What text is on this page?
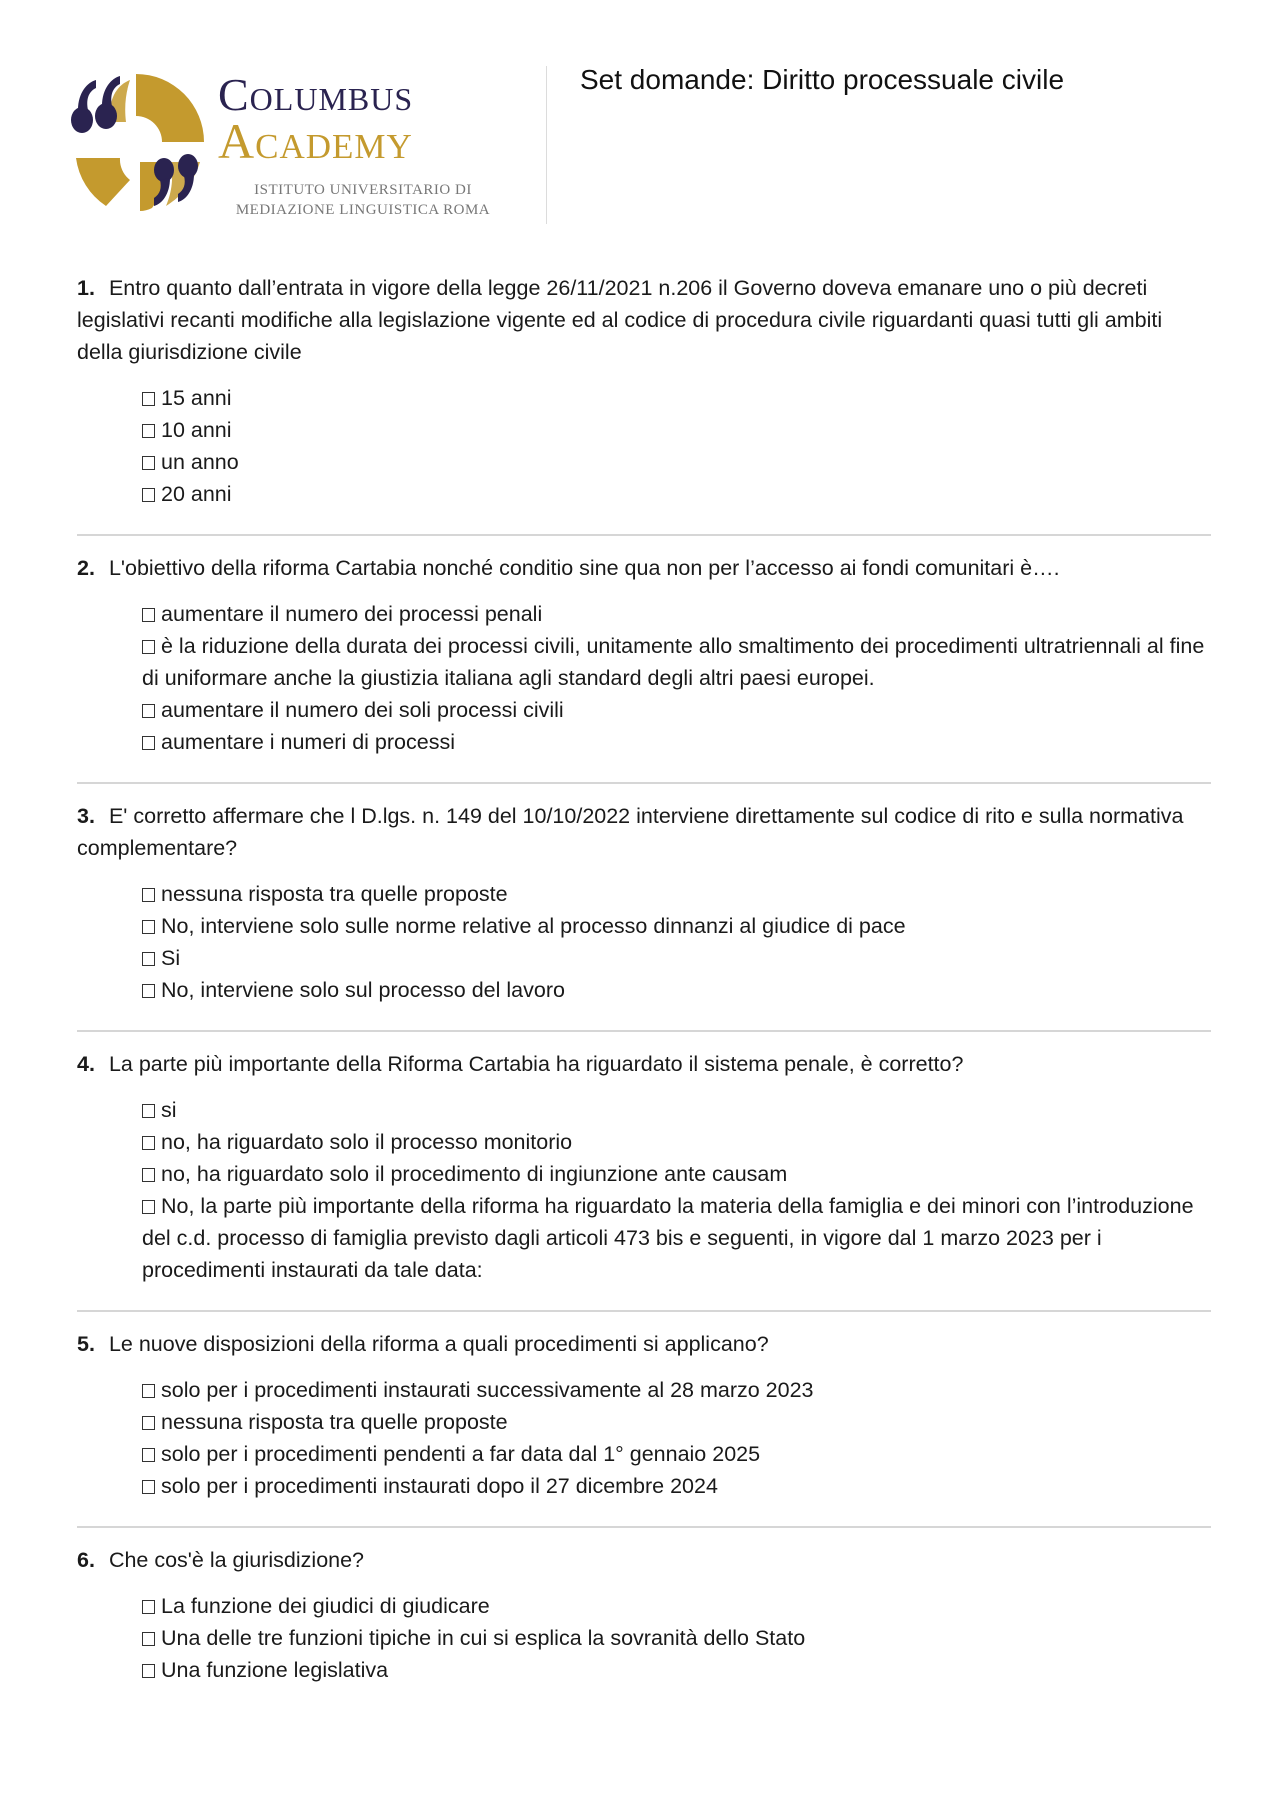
Columbus
Academy
ISTITUTO UNIVERSITARIO DI
MEDIAZIONE LINGUISTICA ROMA
Set domande: Diritto processuale civile

1. Entro quanto dall’entrata in vigore della legge 26/11/2021 n.206 il Governo doveva emanare uno o più decreti legislativi recanti modifiche alla legislazione vigente ed al codice di procedura civile riguardanti quasi tutti gli ambiti della giurisdizione civile

15 anni
10 anni
un anno
20 anni

2. L'obiettivo della riforma Cartabia nonché conditio sine qua non per l’accesso ai fondi comunitari è….

aumentare il numero dei processi penali
è la riduzione della durata dei processi civili, unitamente allo smaltimento dei procedimenti ultratriennali al fine di uniformare anche la giustizia italiana agli standard degli altri paesi europei.
aumentare il numero dei soli processi civili
aumentare i numeri di processi

3. E' corretto affermare che l D.lgs. n. 149 del 10/10/2022 interviene direttamente sul codice di rito e sulla normativa complementare?

nessuna risposta tra quelle proposte
No, interviene solo sulle norme relative al processo dinnanzi al giudice di pace
Si
No, interviene solo sul processo del lavoro

4. La parte più importante della Riforma Cartabia ha riguardato il sistema penale, è corretto?

si
no, ha riguardato solo il processo monitorio
no, ha riguardato solo il procedimento di ingiunzione ante causam
No, la parte più importante della riforma ha riguardato la materia della famiglia e dei minori con l’introduzione del c.d. processo di famiglia previsto dagli articoli 473 bis e seguenti, in vigore dal 1 marzo 2023 per i procedimenti instaurati da tale data:

5. Le nuove disposizioni della riforma a quali procedimenti si applicano?

solo per i procedimenti instaurati successivamente al 28 marzo 2023
nessuna risposta tra quelle proposte
solo per i procedimenti pendenti a far data dal 1° gennaio 2025
solo per i procedimenti instaurati dopo il 27 dicembre 2024

6. Che cos'è la giurisdizione?

La funzione dei giudici di giudicare
Una delle tre funzioni tipiche in cui si esplica la sovranità dello Stato
Una funzione legislativa
